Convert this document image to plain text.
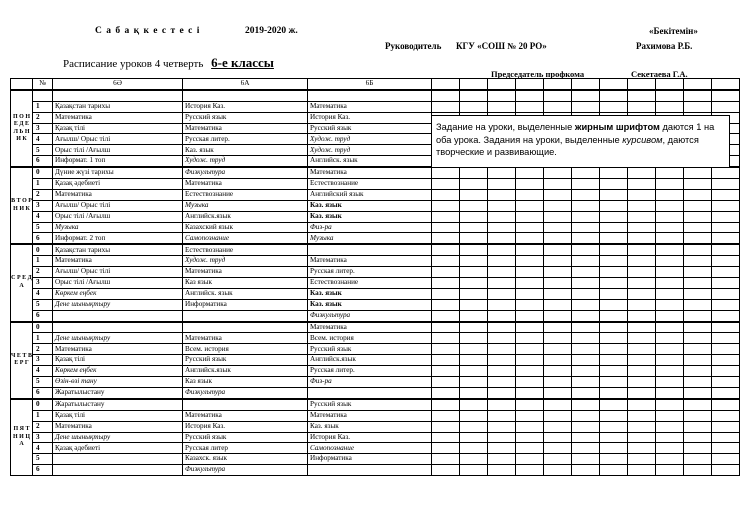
С а б а қ к е с т е с і	2019-2020 ж.	«Бекітемін»
Руководитель КГУ «СОШ № 20 РО»	Рахимова Р.Б.
Расписание уроков 4 четверть 6-е классы
Председатель профкома	Секетаева Г.А.
	№	6Ә	6А	6Б											
П О Н Е Д Е Л Ь Н И К															
	1	Қазақстан тарихы	История Каз.	Математика											
	2	Математика	Русский язык	История Каз.											
	3	Қазақ тілі	Математика	Русский язык											
	4	Ағылш/ Орыс тілі	Русская литер.	Худож. труд											
	5	Орыс тілі /Ағылш	Каз. язык	Худож. труд											
	6	Информат. 1 топ	Худож. труд	Английск. язык											
В Т О Р Н И К	0	Дүние жүзі тарихы	Физкультура	Математика											
	1	Қазақ әдебиеті	Математика	Естествознание											
	2	Математика	Естествознание	Английский язык											
	3	Ағылш/ Орыс тілі	Музыка	Каз. язык											
	4	Орыс тілі /Ағылш	Английск.язык	Каз. язык											
	5	Музыка	Казахский язык	Физ-ра											
	6	Информат. 2 топ	Самопознание	Музыка											
С Р Е Д А	0	Қазақстан тарихы	Естествознание												
	1	Математика	Худож. труд	Математика											
	2	Ағылш/ Орыс тілі	Математика	Русская литер.											
	3	Орыс тілі /Ағылш	Каз язык	Естествознание											
	4	Көркем еңбек	Английск. язык	Каз. язык											
	5	Дене шынықтыру	Информатика	Каз. язык											
	6			Физкультура											
Ч Е Т В Е Р Г	0			Математика											
	1	Дене шынықтыру	Математика	Всем. история											
	2	Математика	Всем. история	Русский язык											
	3	Қазақ тілі	Русский язык	Английск.язык											
	4	Көркем еңбек	Английск.язык	Русская литер.											
	5	Өзін-өзі тану	Каз язык	Физ-ра											
	6	Жаратылыстану	Физкультура												
П Я Т Н И Ц А	0	Жаратылыстану		Русский язык											
	1	Қазақ тілі	Математика	Математика											
	2	Математика	История Каз.	Каз. язык											
	3	Дене шынықтыру	Русский язык	История Каз.											
	4	Қазақ әдебиеті	Русская литер	Самопознание											
	5		Казахск. язык	Информатика											
	6		Физкультура												
Задание на уроки, выделенные жирным шрифтом даются 1 на оба урока. Задания на уроки, выделенные курсивом, даются творческие и развивающие.
